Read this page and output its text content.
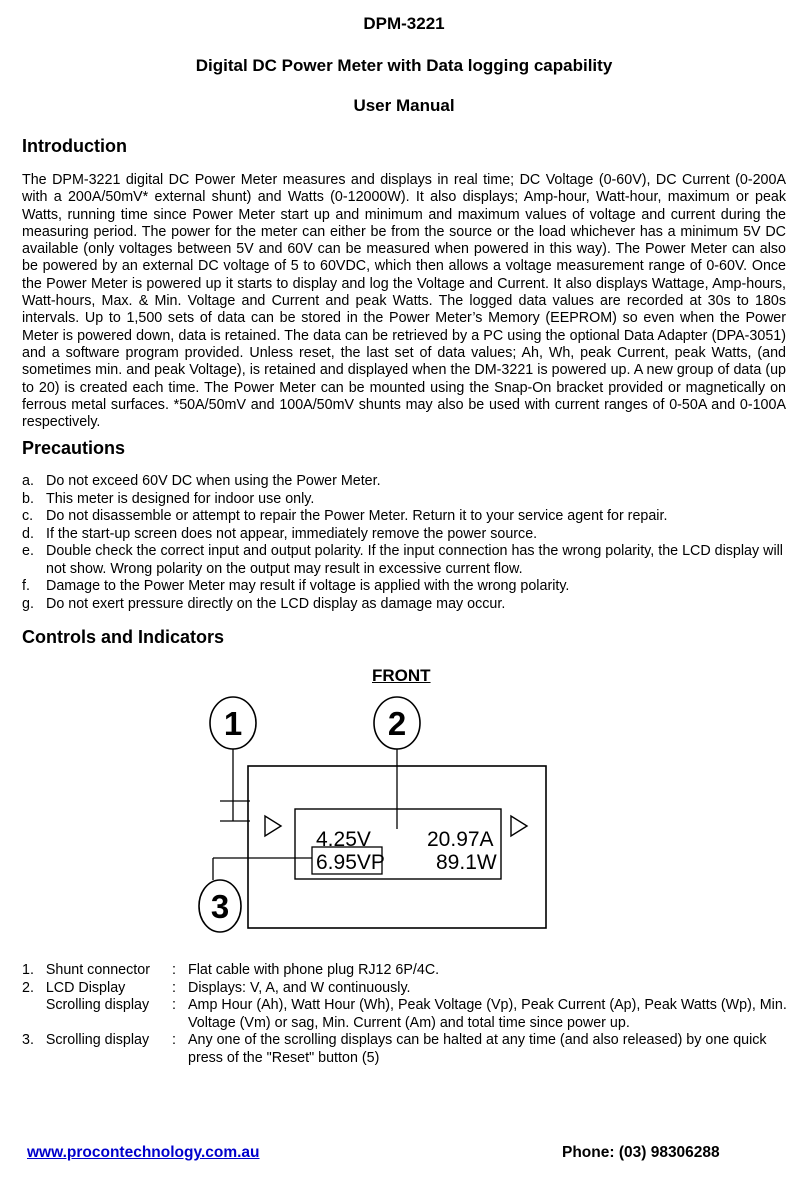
DPM-3221
Digital DC Power Meter with Data logging capability
User Manual
Introduction

The DPM-3221 digital DC Power Meter measures and displays in real time; DC Voltage (0-60V), DC Current (0-200A with a 200A/50mV* external shunt) and Watts (0-12000W). It also displays; Amp-hour, Watt-hour, maximum or peak Watts, running time since Power Meter start up and minimum and maximum values of voltage and current during the measuring period. The power for the meter can either be from the source or the load whichever has a minimum 5V DC available (only voltages between 5V and 60V can be measured when powered in this way). The Power Meter can also be powered by an external DC voltage of 5 to 60VDC, which then allows a voltage measurement range of 0-60V. Once the Power Meter is powered up it starts to display and log the Voltage and Current. It also displays Wattage, Amp-hours, Watt-hours, Max. & Min. Voltage and Current and peak Watts. The logged data values are recorded at 30s to 180s intervals. Up to 1,500 sets of data can be stored in the Power Meter’s Memory (EEPROM) so even when the Power Meter is powered down, data is retained. The data can be retrieved by a PC using the optional Data Adapter (DPA-3051) and a software program provided. Unless reset, the last set of data values; Ah, Wh, peak Current, peak Watts, (and sometimes min. and peak Voltage), is retained and displayed when the DM-3221 is powered up. A new group of data (up to 20) is created each time. The Power Meter can be mounted using the Snap-On bracket provided or magnetically on ferrous metal surfaces. *50A/50mV and 100A/50mV shunts may also be used with current ranges of 0-50A and 0-100A respectively.

Precautions
a. Do not exceed 60V DC when using the Power Meter.
b. This meter is designed for indoor use only.
c. Do not disassemble or attempt to repair the Power Meter. Return it to your service agent for repair.
d. If the start-up screen does not appear, immediately remove the power source.
e. Double check the correct input and output polarity. If the input connection has the wrong polarity, the LCD display will not show. Wrong polarity on the output may result in excessive current flow.
f. Damage to the Power Meter may result if voltage is applied with the wrong polarity.
g. Do not exert pressure directly on the LCD display as damage may occur.
Controls and Indicators
FRONT
1	2
3
4.25V	20.97A
6.95VP 89.1W
1.   Shunt connector	: Flat cable with phone plug RJ12 6P/4C.
2.   LCD Display	: Displays: V, A, and W continuously.
Scrolling display	: Amp Hour (Ah), Watt Hour (Wh), Peak Voltage (Vp), Peak Current (Ap), Peak Watts (Wp), Min. Voltage (Vm) or sag, Min. Current (Am) and total time since power up.
3.   Scrolling display	: Any one of the scrolling displays can be halted at any time (and also released) by one quick press of the "Reset" button (5)
www.procontechnology.com.au	Phone: (03) 98306288
